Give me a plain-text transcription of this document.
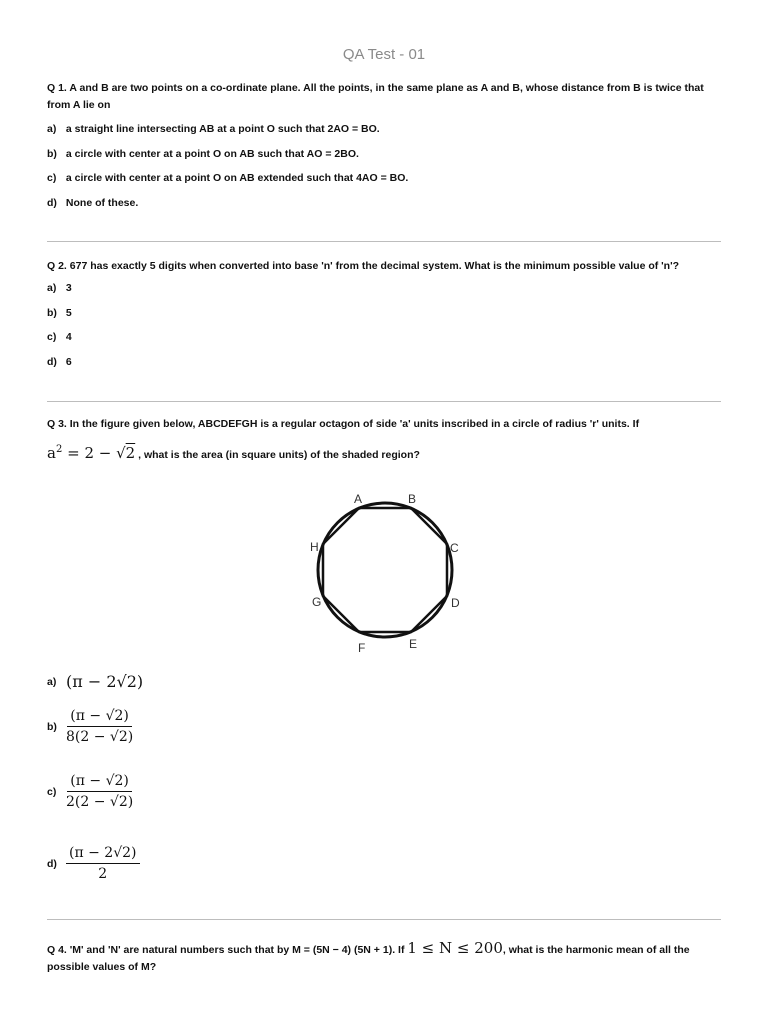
QA Test - 01
Q 1. A and B are two points on a co-ordinate plane. All the points, in the same plane as A and B, whose distance from B is twice that from A lie on
a) a straight line intersecting AB at a point O such that 2AO = BO.
b) a circle with center at a point O on AB such that AO = 2BO.
c) a circle with center at a point O on AB extended such that 4AO = BO.
d) None of these.
Q 2. 677 has exactly 5 digits when converted into base 'n' from the decimal system. What is the minimum possible value of 'n'?
a) 3
b) 5
c) 4
d) 6
Q 3. In the figure given below, ABCDEFGH is a regular octagon of side 'a' units inscribed in a circle of radius 'r' units. If
$a^2 = 2 - √2$ , what is the area (in square units) of the shaded region?
A	B
C
D
E
F
G
H
a) (π − 2√2)
$b) \frac{(\pi - √2)}{8(2 - √2)}$
$c) \frac{(\pi - √2)}{2(2 - √2)}$
$d) \frac{(\pi - 2√2)}{2}$
Q 4. 'M' and 'N' are natural numbers such that by M = (5N − 4) (5N + 1). If 1 ≤ N ≤ 200, what is the harmonic mean of all the possible values of M?
